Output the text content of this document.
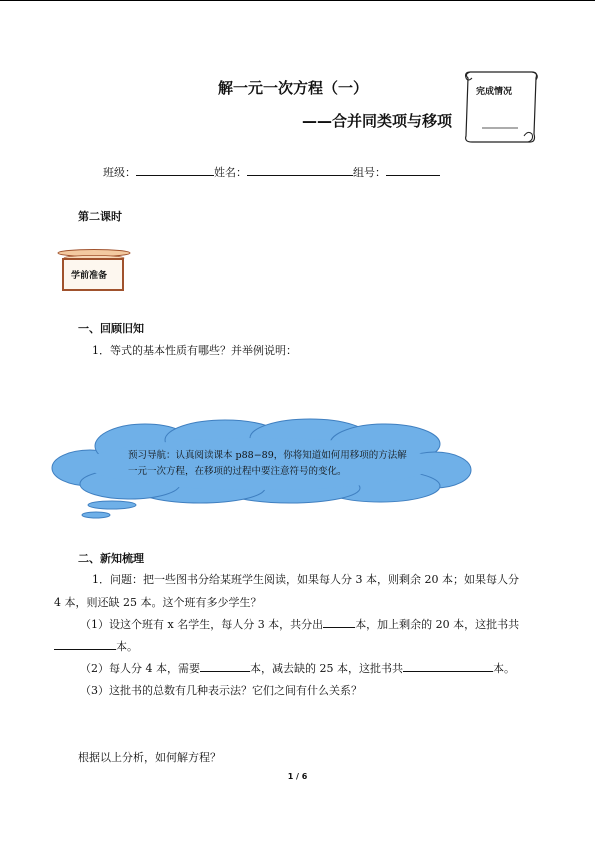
解一元一次方程（一）
——合并同类项与移项
完成情况
班级：	姓名：	组号：
第二课时
学前准备
一、回顾旧知
1．等式的基本性质有哪些？并举例说明：
预习导航：认真阅读课本 p88−89，你将知道如何用移项的方法解
一元一次方程，在移项的过程中要注意符号的变化。
二、新知梳理
1．问题：把一些图书分给某班学生阅读，如果每人分 3 本，则剩余 20 本；如果每人分
4 本，则还缺 25 本。这个班有多少学生？
（1）设这个班有 x 名学生，每人分 3 本，共分出	本，加上剩余的 20 本，这批书共
本。
（2）每人分 4 本，需要	本，减去缺的 25 本，这批书共	本。
（3）这批书的总数有几种表示法？它们之间有什么关系？
根据以上分析，如何解方程？
1 / 6
